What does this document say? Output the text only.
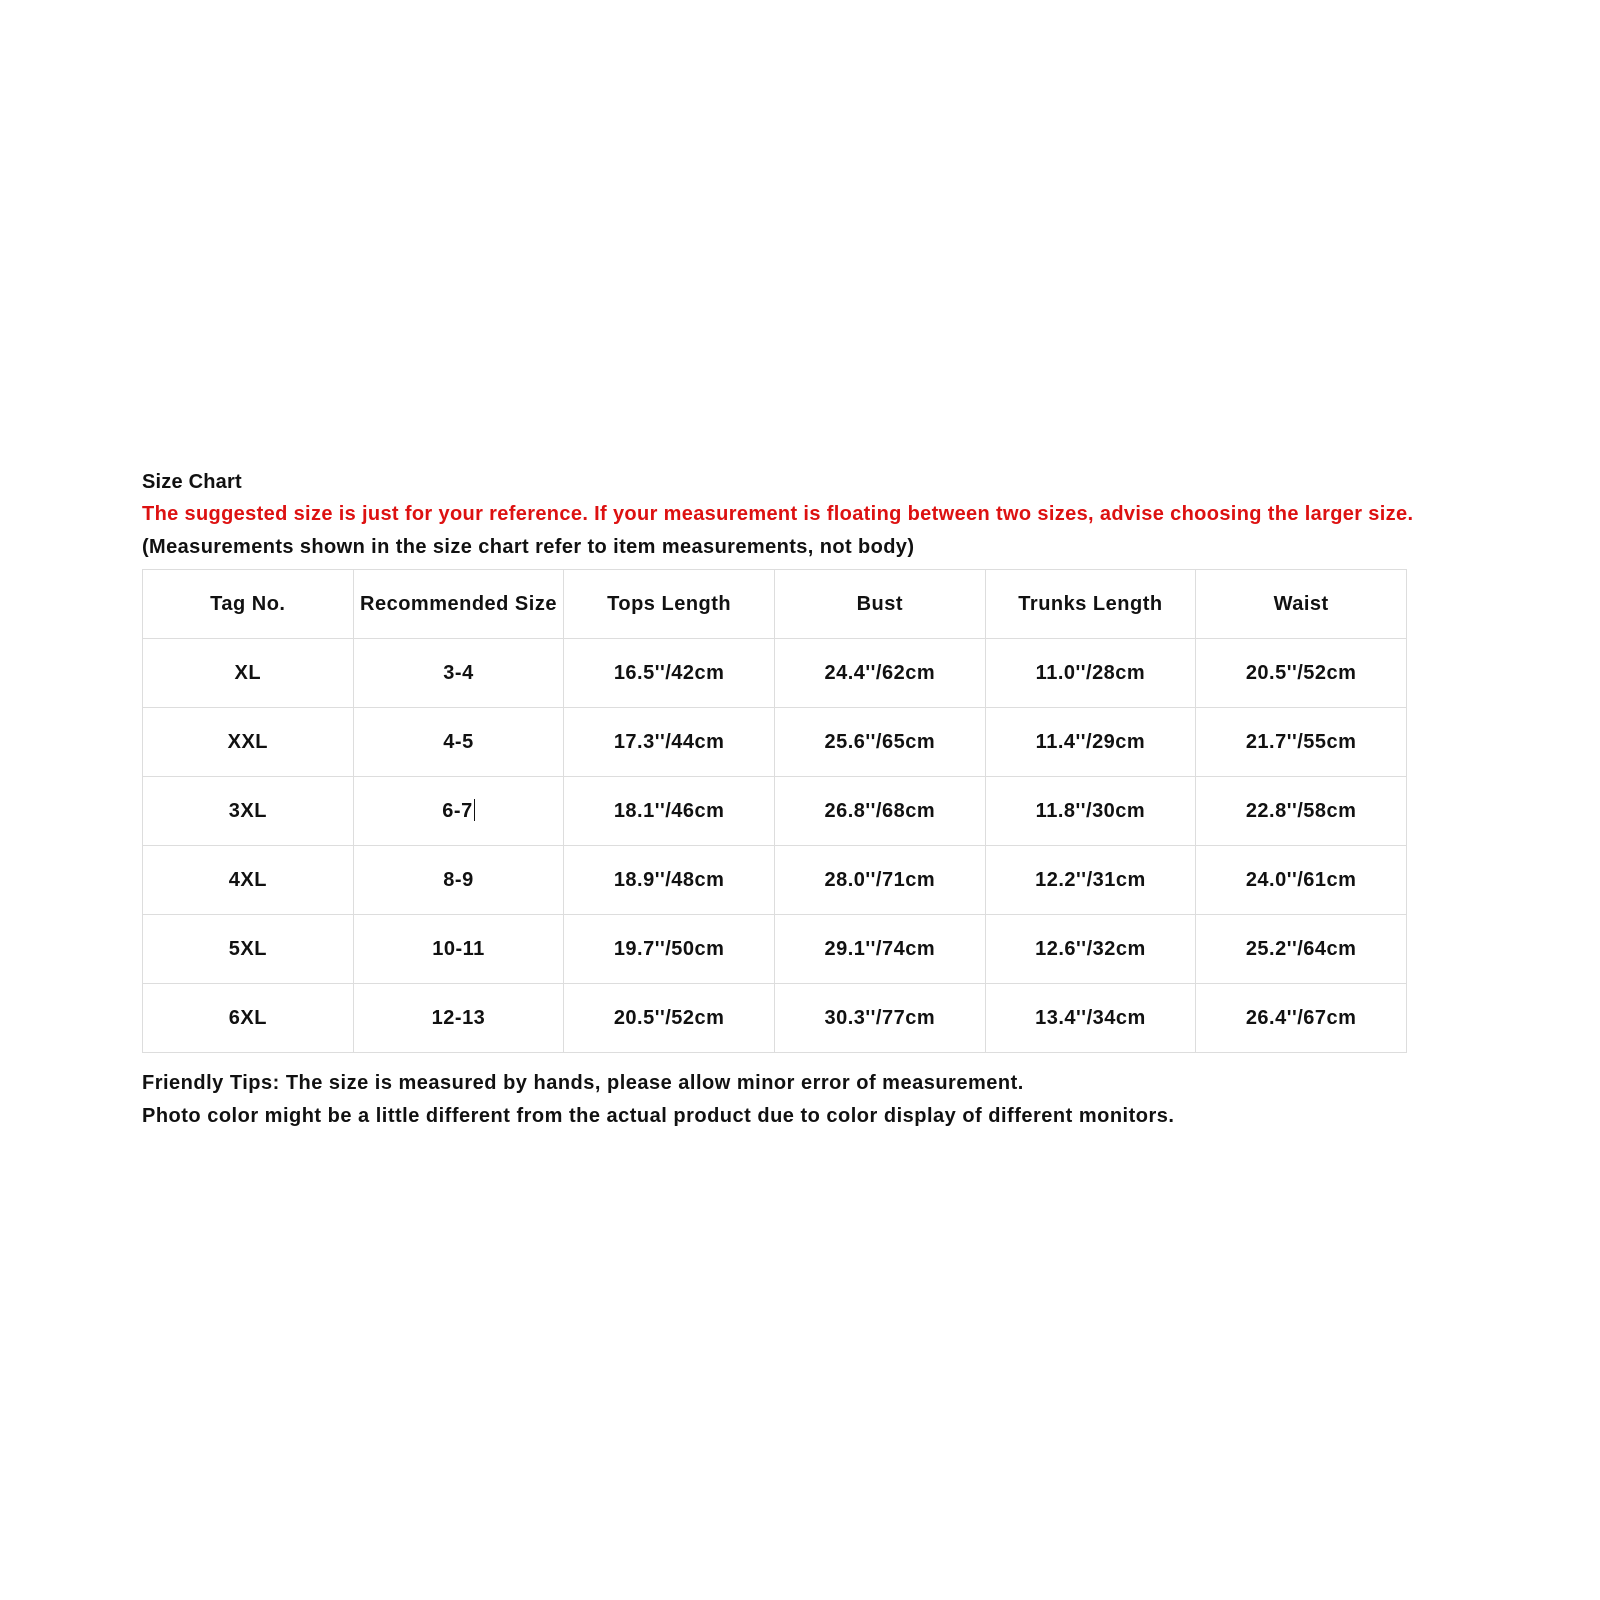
Size Chart
The suggested size is just for your reference. If your measurement is floating between two sizes, advise choosing the larger size.
(Measurements shown in the size chart refer to item measurements, not body)
Tag No.	Recommended Size	Tops Length	Bust	Trunks Length	Waist
XL	3-4	16.5''/42cm	24.4''/62cm	11.0''/28cm	20.5''/52cm
XXL	4-5	17.3''/44cm	25.6''/65cm	11.4''/29cm	21.7''/55cm
3XL	6-7	18.1''/46cm	26.8''/68cm	11.8''/30cm	22.8''/58cm
4XL	8-9	18.9''/48cm	28.0''/71cm	12.2''/31cm	24.0''/61cm
5XL	10-11	19.7''/50cm	29.1''/74cm	12.6''/32cm	25.2''/64cm
6XL	12-13	20.5''/52cm	30.3''/77cm	13.4''/34cm	26.4''/67cm
Friendly Tips: The size is measured by hands, please allow minor error of measurement.
Photo color might be a little different from the actual product due to color display of different monitors.
